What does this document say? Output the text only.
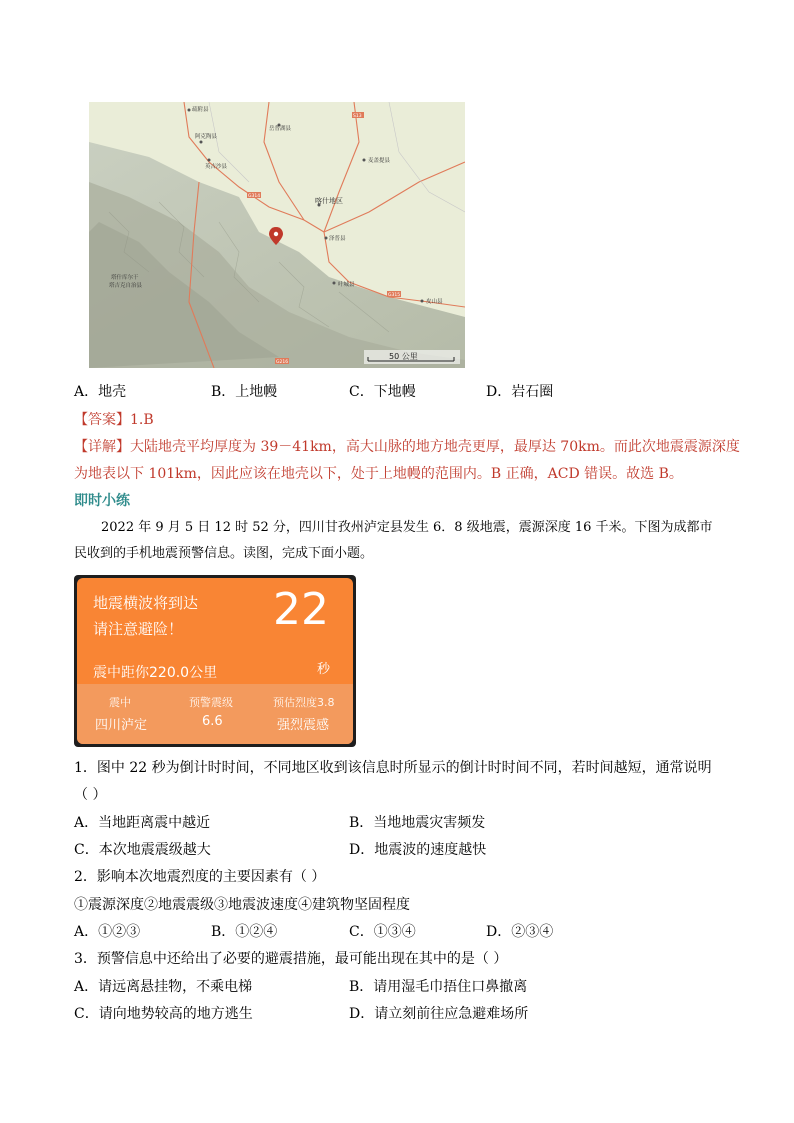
疏附县
阿克陶县
岳普湖县
英吉沙县
麦盖提县
喀什地区
泽普县
塔什库尔干
塔吉克自治县	叶城县
皮山县
G314
G315
G216
S13
50 公里
A．地壳	B．上地幔	C．下地幔	D．岩石圈
【答案】1.B
【详解】大陆地壳平均厚度为 39－41km，高大山脉的地方地壳更厚，最厚达 70km。而此次地震震源深度
为地表以下 101km，因此应该在地壳以下，处于上地幔的范围内。B 正确，ACD 错误。故选 B。
即时小练
2022 年 9 月 5 日 12 时 52 分，四川甘孜州泸定县发生 6．8 级地震，震源深度 16 千米。下图为成都市
民收到的手机地震预警信息。读图，完成下面小题。
地震横波将到达
请注意避险！ 22
秒
震中距你220.0公里
震中
四川泸定
预警震级
6.6
预估烈度3.8
强烈震感
1．图中 22 秒为倒计时时间，不同地区收到该信息时所显示的倒计时时间不同，若时间越短，通常说明
（ ）
A．当地距离震中越近	B．当地地震灾害频发
C．本次地震震级越大	D．地震波的速度越快
2．影响本次地震烈度的主要因素有（ ）
①震源深度②地震震级③地震波速度④建筑物坚固程度
A．①②③	B．①②④	C．①③④	D．②③④
3．预警信息中还给出了必要的避震措施，最可能出现在其中的是（ ）
A．请远离悬挂物，不乘电梯	B．请用湿毛巾捂住口鼻撤离
C．请向地势较高的地方逃生	D．请立刻前往应急避难场所
